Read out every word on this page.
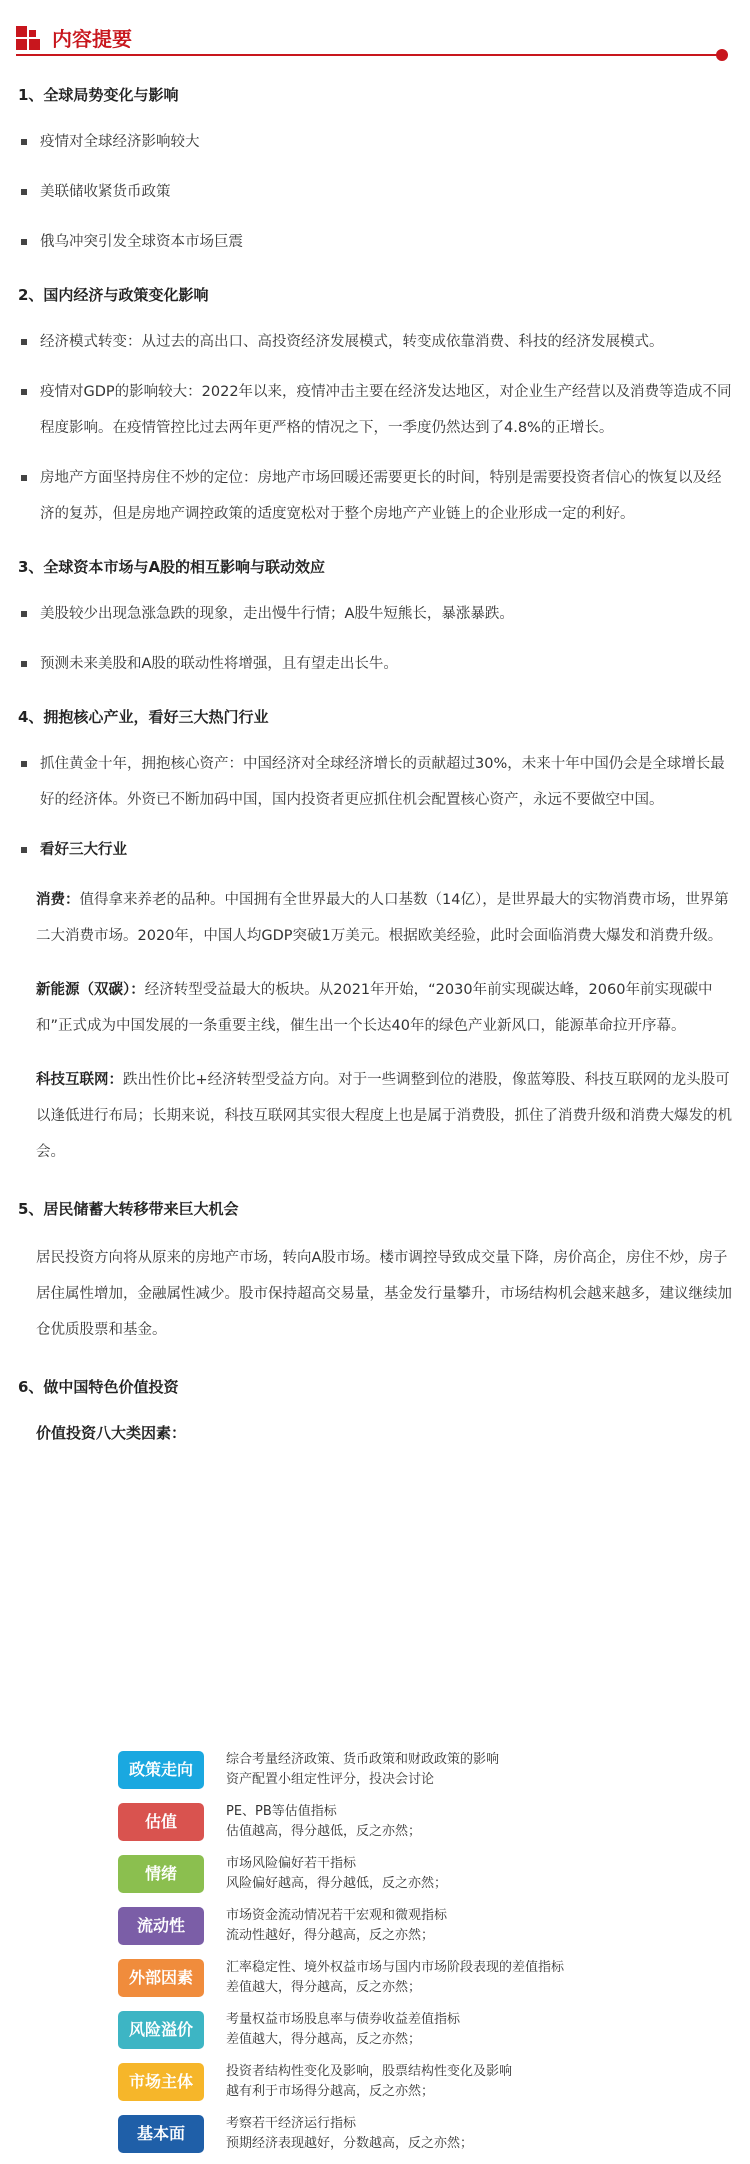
内容提要
1、全球局势变化与影响
疫情对全球经济影响较大
美联储收紧货币政策
俄乌冲突引发全球资本市场巨震
2、国内经济与政策变化影响
经济模式转变：从过去的高出口、高投资经济发展模式，转变成依靠消费、科技的经济发展模式。
疫情对GDP的影响较大：2022年以来，疫情冲击主要在经济发达地区，对企业生产经营以及消费等造成不同程度影响。在疫情管控比过去两年更严格的情况之下，一季度仍然达到了4.8%的正增长。
房地产方面坚持房住不炒的定位：房地产市场回暖还需要更长的时间，特别是需要投资者信心的恢复以及经济的复苏，但是房地产调控政策的适度宽松对于整个房地产产业链上的企业形成一定的利好。
3、全球资本市场与A股的相互影响与联动效应
美股较少出现急涨急跌的现象，走出慢牛行情；A股牛短熊长，暴涨暴跌。
预测未来美股和A股的联动性将增强，且有望走出长牛。
4、拥抱核心产业，看好三大热门行业
抓住黄金十年，拥抱核心资产：中国经济对全球经济增长的贡献超过30%，未来十年中国仍会是全球增长最好的经济体。外资已不断加码中国，国内投资者更应抓住机会配置核心资产，永远不要做空中国。
看好三大行业
消费：值得拿来养老的品种。中国拥有全世界最大的人口基数（14亿），是世界最大的实物消费市场，世界第二大消费市场。2020年，中国人均GDP突破1万美元。根据欧美经验，此时会面临消费大爆发和消费升级。
新能源（双碳）：经济转型受益最大的板块。从2021年开始，“2030年前实现碳达峰，2060年前实现碳中和”正式成为中国发展的一条重要主线，催生出一个长达40年的绿色产业新风口，能源革命拉开序幕。
科技互联网：跌出性价比+经济转型受益方向。对于一些调整到位的港股，像蓝筹股、科技互联网的龙头股可以逢低进行布局；长期来说，科技互联网其实很大程度上也是属于消费股，抓住了消费升级和消费大爆发的机会。
5、居民储蓄大转移带来巨大机会
居民投资方向将从原来的房地产市场，转向A股市场。楼市调控导致成交量下降，房价高企，房住不炒，房子居住属性增加，金融属性减少。股市保持超高交易量，基金发行量攀升，市场结构机会越来越多，建议继续加仓优质股票和基金。
6、做中国特色价值投资
价值投资八大类因素：
政策走向
综合考量经济政策、货币政策和财政政策的影响
资产配置小组定性评分，投决会讨论
估值
PE、PB等估值指标
估值越高，得分越低，反之亦然；
情绪
市场风险偏好若干指标
风险偏好越高，得分越低，反之亦然；
流动性
市场资金流动情况若干宏观和微观指标
流动性越好，得分越高，反之亦然；
外部因素
汇率稳定性、境外权益市场与国内市场阶段表现的差值指标
差值越大，得分越高，反之亦然；
风险溢价
考量权益市场股息率与债券收益差值指标
差值越大，得分越高，反之亦然；
市场主体
投资者结构性变化及影响，股票结构性变化及影响
越有利于市场得分越高，反之亦然；
基本面
考察若干经济运行指标
预期经济表现越好，分数越高，反之亦然；
